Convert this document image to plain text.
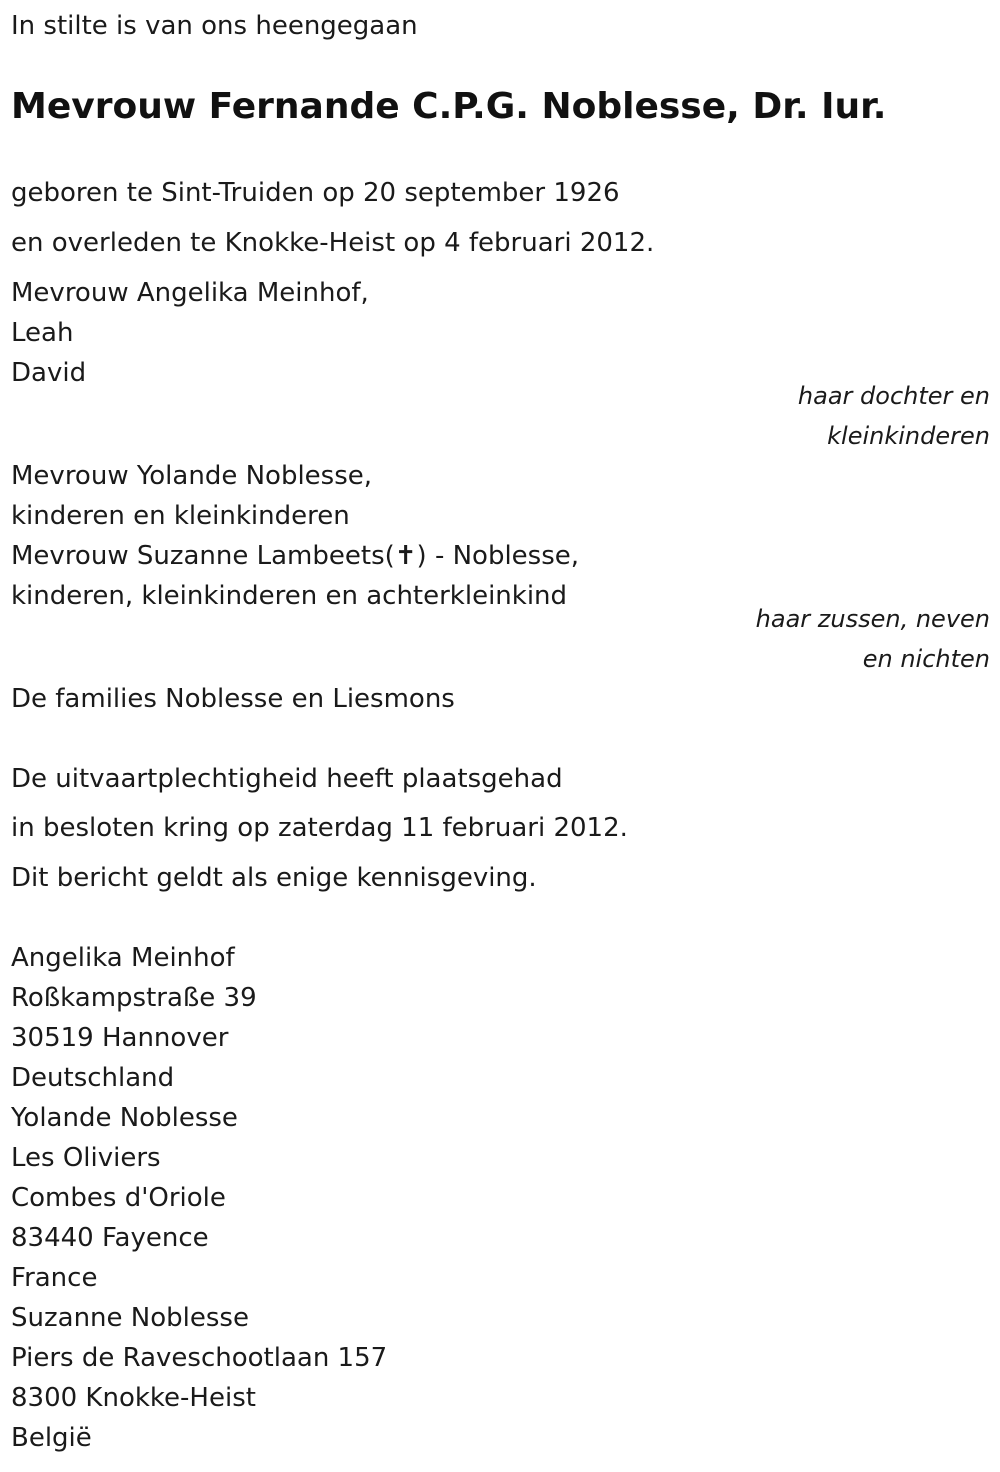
In stilte is van ons heengegaan
Mevrouw Fernande C.P.G. Noblesse, Dr. Iur.
geboren te Sint-Truiden op 20 september 1926
en overleden te Knokke-Heist op 4 februari 2012.
Mevrouw Angelika Meinhof,
Leah
David
haar dochter en
kleinkinderen
Mevrouw Yolande Noblesse,
kinderen en kleinkinderen
Mevrouw Suzanne Lambeets(✝) - Noblesse,
kinderen, kleinkinderen en achterkleinkind
haar zussen, neven
en nichten
De families Noblesse en Liesmons
De uitvaartplechtigheid heeft plaatsgehad
in besloten kring op zaterdag 11 februari 2012.
Dit bericht geldt als enige kennisgeving.
Angelika Meinhof
Roßkampstraße 39
30519 Hannover
Deutschland
Yolande Noblesse
Les Oliviers
Combes d'Oriole
83440 Fayence
France
Suzanne Noblesse
Piers de Raveschootlaan 157
8300 Knokke-Heist
België
